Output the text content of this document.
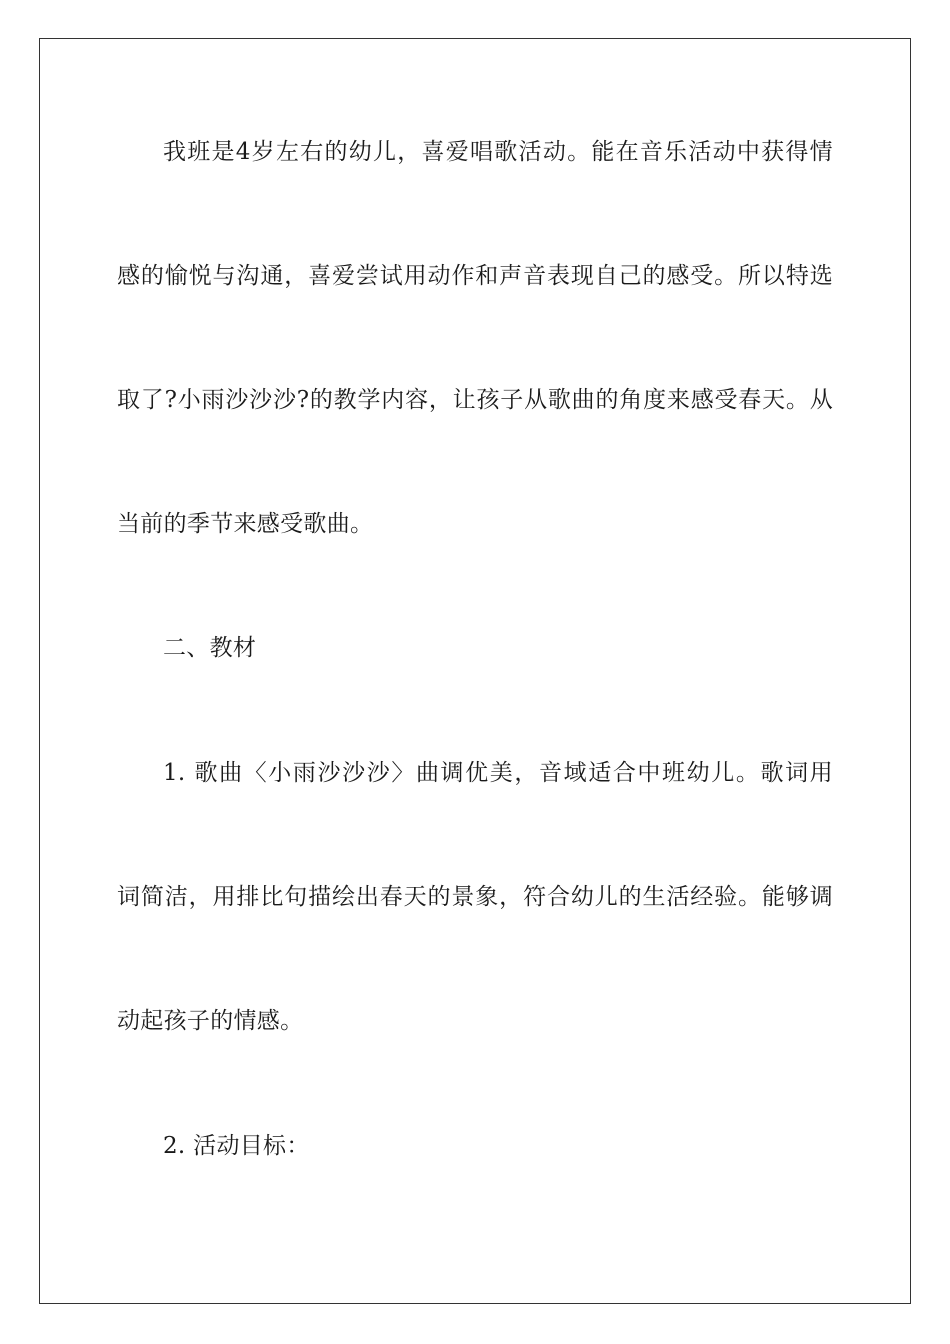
我班是4岁左右的幼儿，喜爱唱歌活动。能在音乐活动中获得情
感的愉悦与沟通，喜爱尝试用动作和声音表现自己的感受。所以特选
取了?小雨沙沙沙?的教学内容，让孩子从歌曲的角度来感受春天。从
当前的季节来感受歌曲。
二、教材
1. 歌曲〈小雨沙沙沙〉曲调优美，音域适合中班幼儿。歌词用
词简洁，用排比句描绘出春天的景象，符合幼儿的生活经验。能够调
动起孩子的情感。
2. 活动目标：
